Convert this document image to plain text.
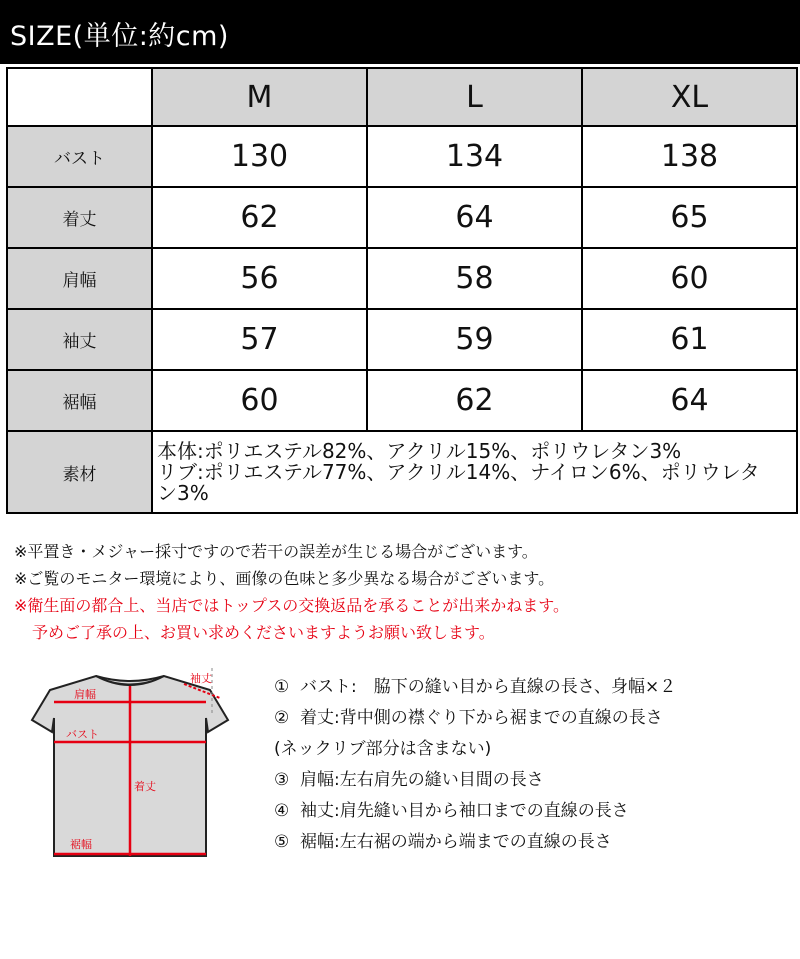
SIZE(単位:約cm)
	M	L	XL
バスト	130	134	138
着丈	62	64	65
肩幅	56	58	60
袖丈	57	59	61
裾幅	60	62	64
素材	本体:ポリエステル82%、アクリル15%、ポリウレタン3%
リブ:ポリエステル77%、アクリル14%、ナイロン6%、ポリウレタ
ン3%		
※平置き・メジャー採寸ですので若干の誤差が生じる場合がございます。
※ご覧のモニター環境により、画像の色味と多少異なる場合がございます。
※衛生面の都合上、当店ではトップスの交換返品を承ることが出来かねます。
予めご了承の上、お買い求めくださいますようお願い致します。
肩幅
袖丈
バスト
着丈
裾幅
① バスト:　脇下の縫い目から直線の長さ、身幅×２
② 着丈:背中側の襟ぐり下から裾までの直線の長さ
(ネックリブ部分は含まない)
③ 肩幅:左右肩先の縫い目間の長さ
④ 袖丈:肩先縫い目から袖口までの直線の長さ
⑤ 裾幅:左右裾の端から端までの直線の長さ
